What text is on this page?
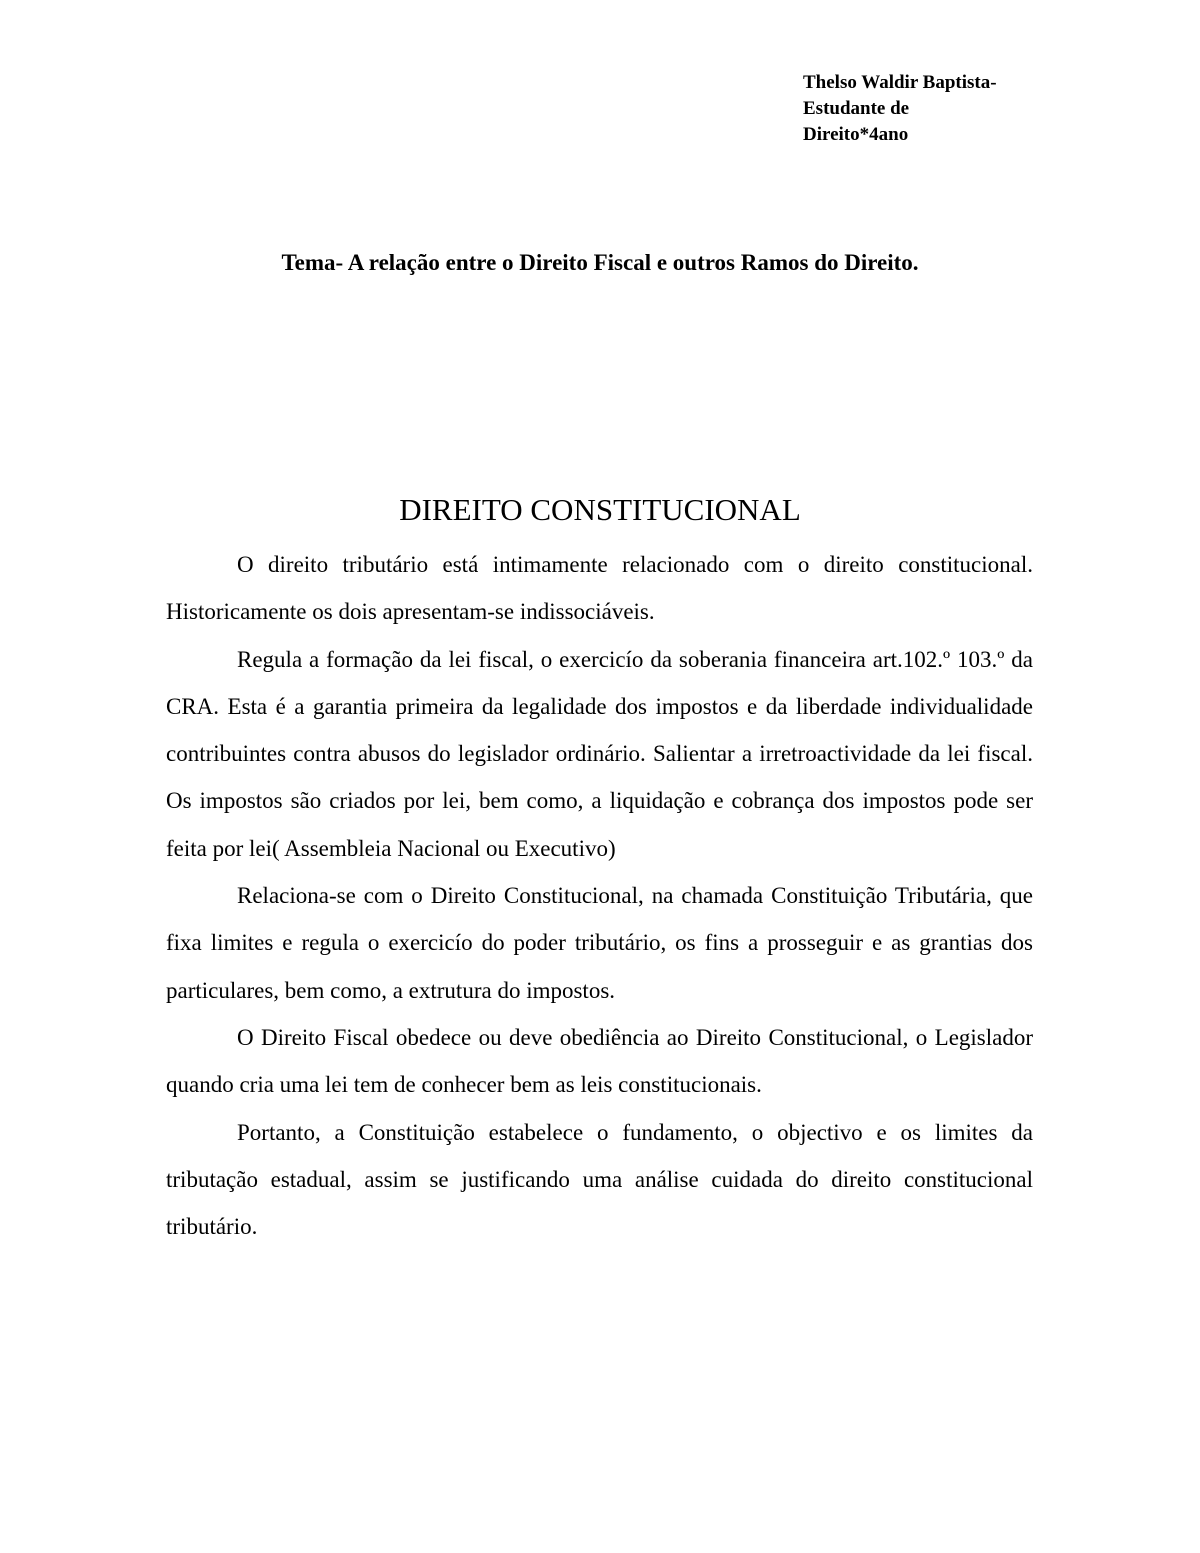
Thelso Waldir Baptista-
Estudante de
Direito*4ano
Tema- A relação entre o Direito Fiscal e outros Ramos do Direito.
DIREITO CONSTITUCIONAL

O direito tributário está intimamente relacionado com o direito constitucional. Historicamente os dois apresentam-se indissociáveis.

Regula a formação da lei fiscal, o exercicío da soberania financeira art.102.º 103.º da CRA. Esta é a garantia primeira da legalidade dos impostos e da liberdade individualidade contribuintes contra abusos do legislador ordinário. Salientar a irretroactividade da lei fiscal. Os impostos são criados por lei, bem como, a liquidação e cobrança dos impostos pode ser feita por lei( Assembleia Nacional ou Executivo)

Relaciona-se com o Direito Constitucional, na chamada Constituição Tributária, que fixa limites e regula o exercicío do poder tributário, os fins a prosseguir e as grantias dos particulares, bem como, a extrutura do impostos.

O Direito Fiscal obedece ou deve obediência ao Direito Constitucional, o Legislador quando cria uma lei tem de conhecer bem as leis constitucionais.

Portanto, a Constituição estabelece o fundamento, o objectivo e os limites da tributação estadual, assim se justificando uma análise cuidada do direito constitucional tributário.
